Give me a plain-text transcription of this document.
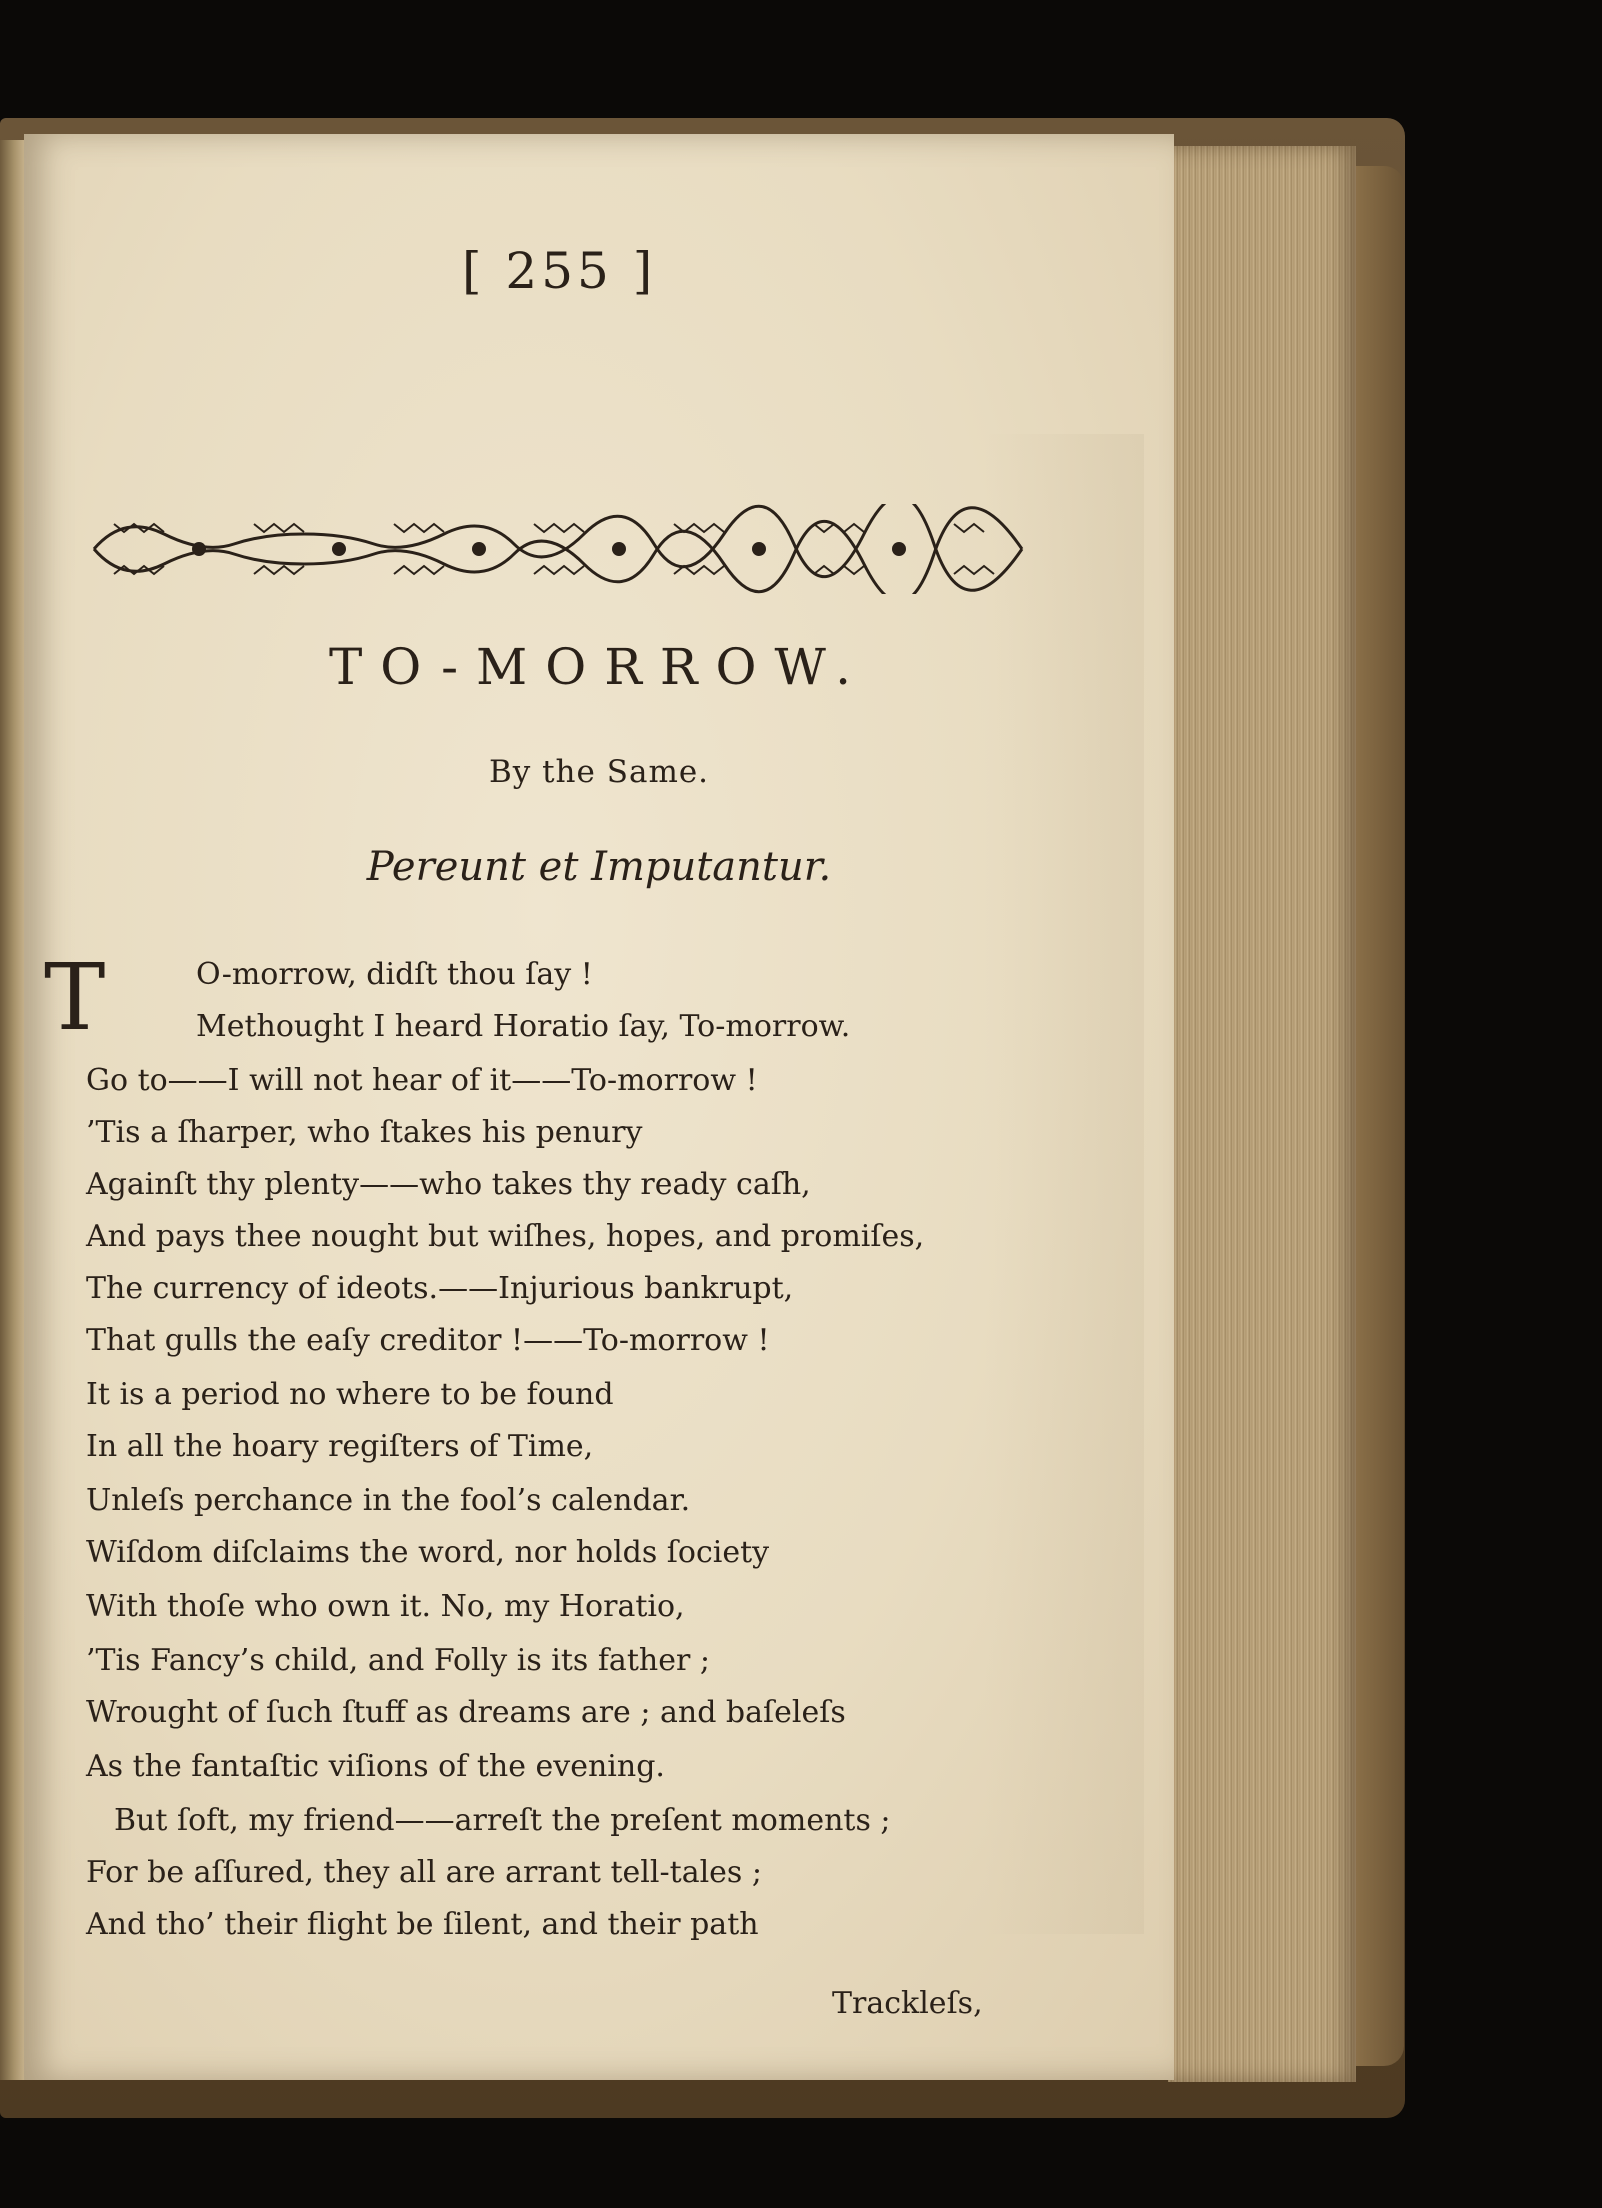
[ 255 ]
TO-MORROW.
By the Same.
Pereunt et Imputantur.
T	O-morrow, didſt thou ſay !
Methought I heard Horatio ſay, To-morrow.
Go to——I will not hear of it——To-morrow !
’Tis a ſharper, who ſtakes his penury
Againſt thy plenty——who takes thy ready caſh,
And pays thee nought but wiſhes, hopes, and promiſes,
The currency of ideots.——Injurious bankrupt,
That gulls the eaſy creditor !——To-morrow !
It is a period no where to be found
In all the hoary regiſters of Time,
Unleſs perchance in the fool’s calendar.
Wiſdom diſclaims the word, nor holds ſociety
With thoſe who own it. No, my Horatio,
’Tis Fancy’s child, and Folly is its father ;
Wrought of ſuch ſtuff as dreams are ; and baſeleſs
As the fantaſtic viſions of the evening.
But ſoft, my friend——arreſt the preſent moments ;
For be aſſured, they all are arrant tell-tales ;
And tho’ their flight be ſilent, and their path
Trackleſs,
